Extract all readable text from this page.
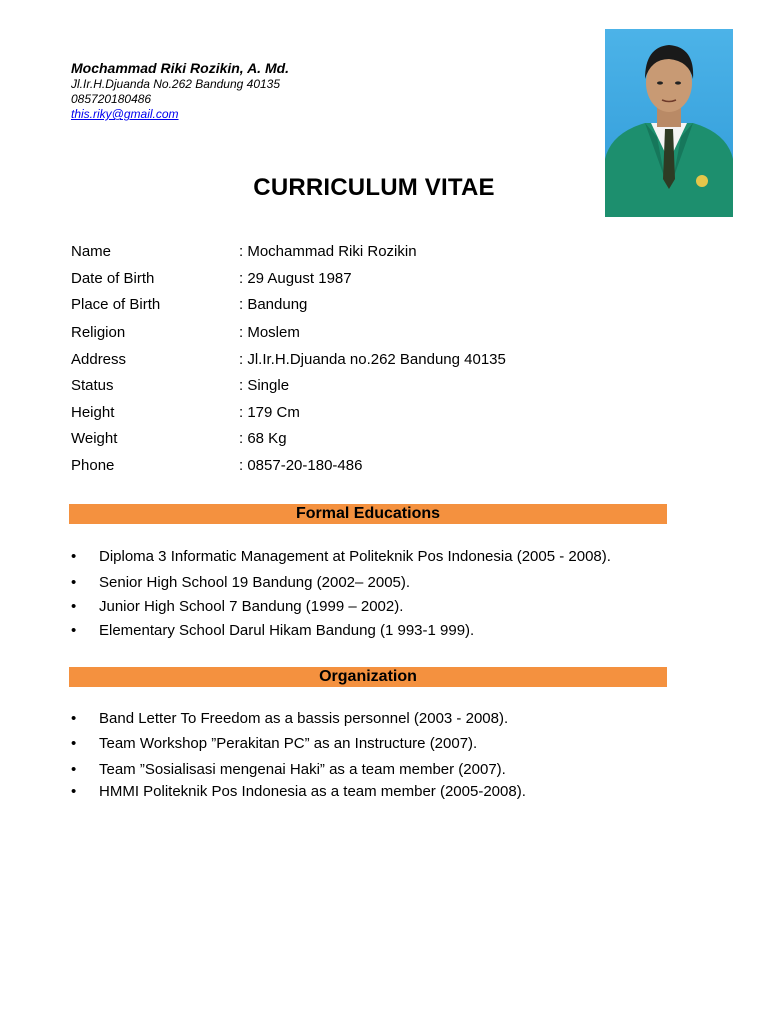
Mochammad Riki Rozikin, A. Md.
Jl.Ir.H.Djuanda No.262 Bandung 40135
085720180486
this.riky@gmail.com
CURRICULUM VITAE
Name	: Mochammad Riki Rozikin
Date of Birth	: 29 August 1987
Place of Birth	: Bandung
Religion	: Moslem
Address	: Jl.Ir.H.Djuanda no.262 Bandung 40135
Status	: Single
Height	: 179 Cm
Weight	: 68 Kg
Phone	: 0857-20-180-486
Formal Educations
• Diploma 3 Informatic Management at Politeknik Pos Indonesia (2005 - 2008).
• Senior High School 19 Bandung (2002– 2005).
• Junior High School 7 Bandung (1999 – 2002).
• Elementary School Darul Hikam Bandung (1 993-1 999).
Organization
• Band Letter To Freedom as a bassis personnel (2003 - 2008).
• Team Workshop ”Perakitan PC” as an Instructure (2007).
• Team ”Sosialisasi mengenai Haki” as a team member (2007).
• HMMI Politeknik Pos Indonesia as a team member (2005-2008).
